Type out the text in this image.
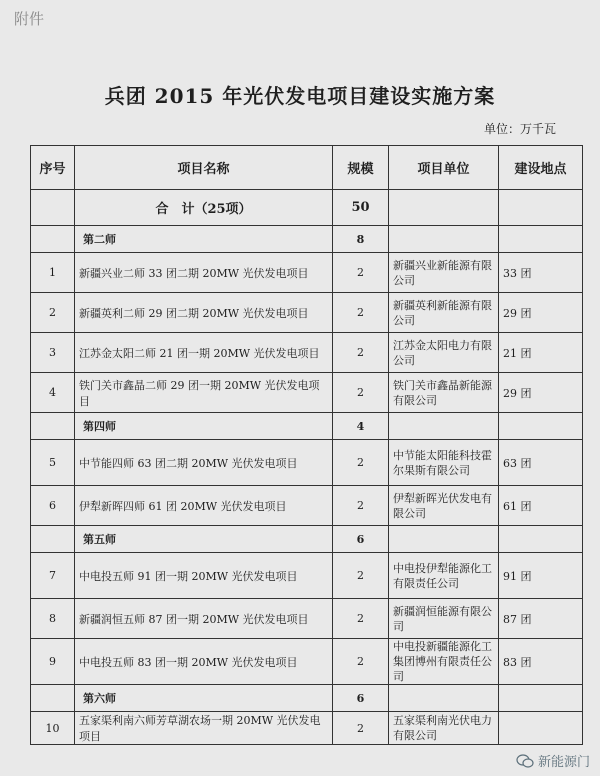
附件
兵团 2015 年光伏发电项目建设实施方案
单位：万千瓦
序号	项目名称	规模	项目单位	建设地点
	合　计（25项）	50		
	第二师	8		
1	新疆兴业二师 33 团二期 20MW 光伏发电项目	2	新疆兴业新能源有限公司	33 团
2	新疆英利二师 29 团二期 20MW 光伏发电项目	2	新疆英利新能源有限公司	29 团
3	江苏金太阳二师 21 团一期 20MW 光伏发电项目	2	江苏金太阳电力有限公司	21 团
4	铁门关市鑫晶二师 29 团一期 20MW 光伏发电项目	2	铁门关市鑫晶新能源有限公司	29 团
	第四师	4		
5	中节能四师 63 团二期 20MW 光伏发电项目	2	中节能太阳能科技霍尔果斯有限公司	63 团
6	伊犁新晖四师 61 团 20MW 光伏发电项目	2	伊犁新晖光伏发电有限公司	61 团
	第五师	6		
7	中电投五师 91 团一期 20MW 光伏发电项目	2	中电投伊犁能源化工有限责任公司	91 团
8	新疆润恒五师 87 团一期 20MW 光伏发电项目	2	新疆润恒能源有限公司	87 团
9	中电投五师 83 团一期 20MW 光伏发电项目	2	中电投新疆能源化工集团博州有限责任公司	83 团
	第六师	6		
10	五家渠利南六师芳草湖农场一期 20MW 光伏发电项目	2	五家渠利南光伏电力有限公司	
新能源门
